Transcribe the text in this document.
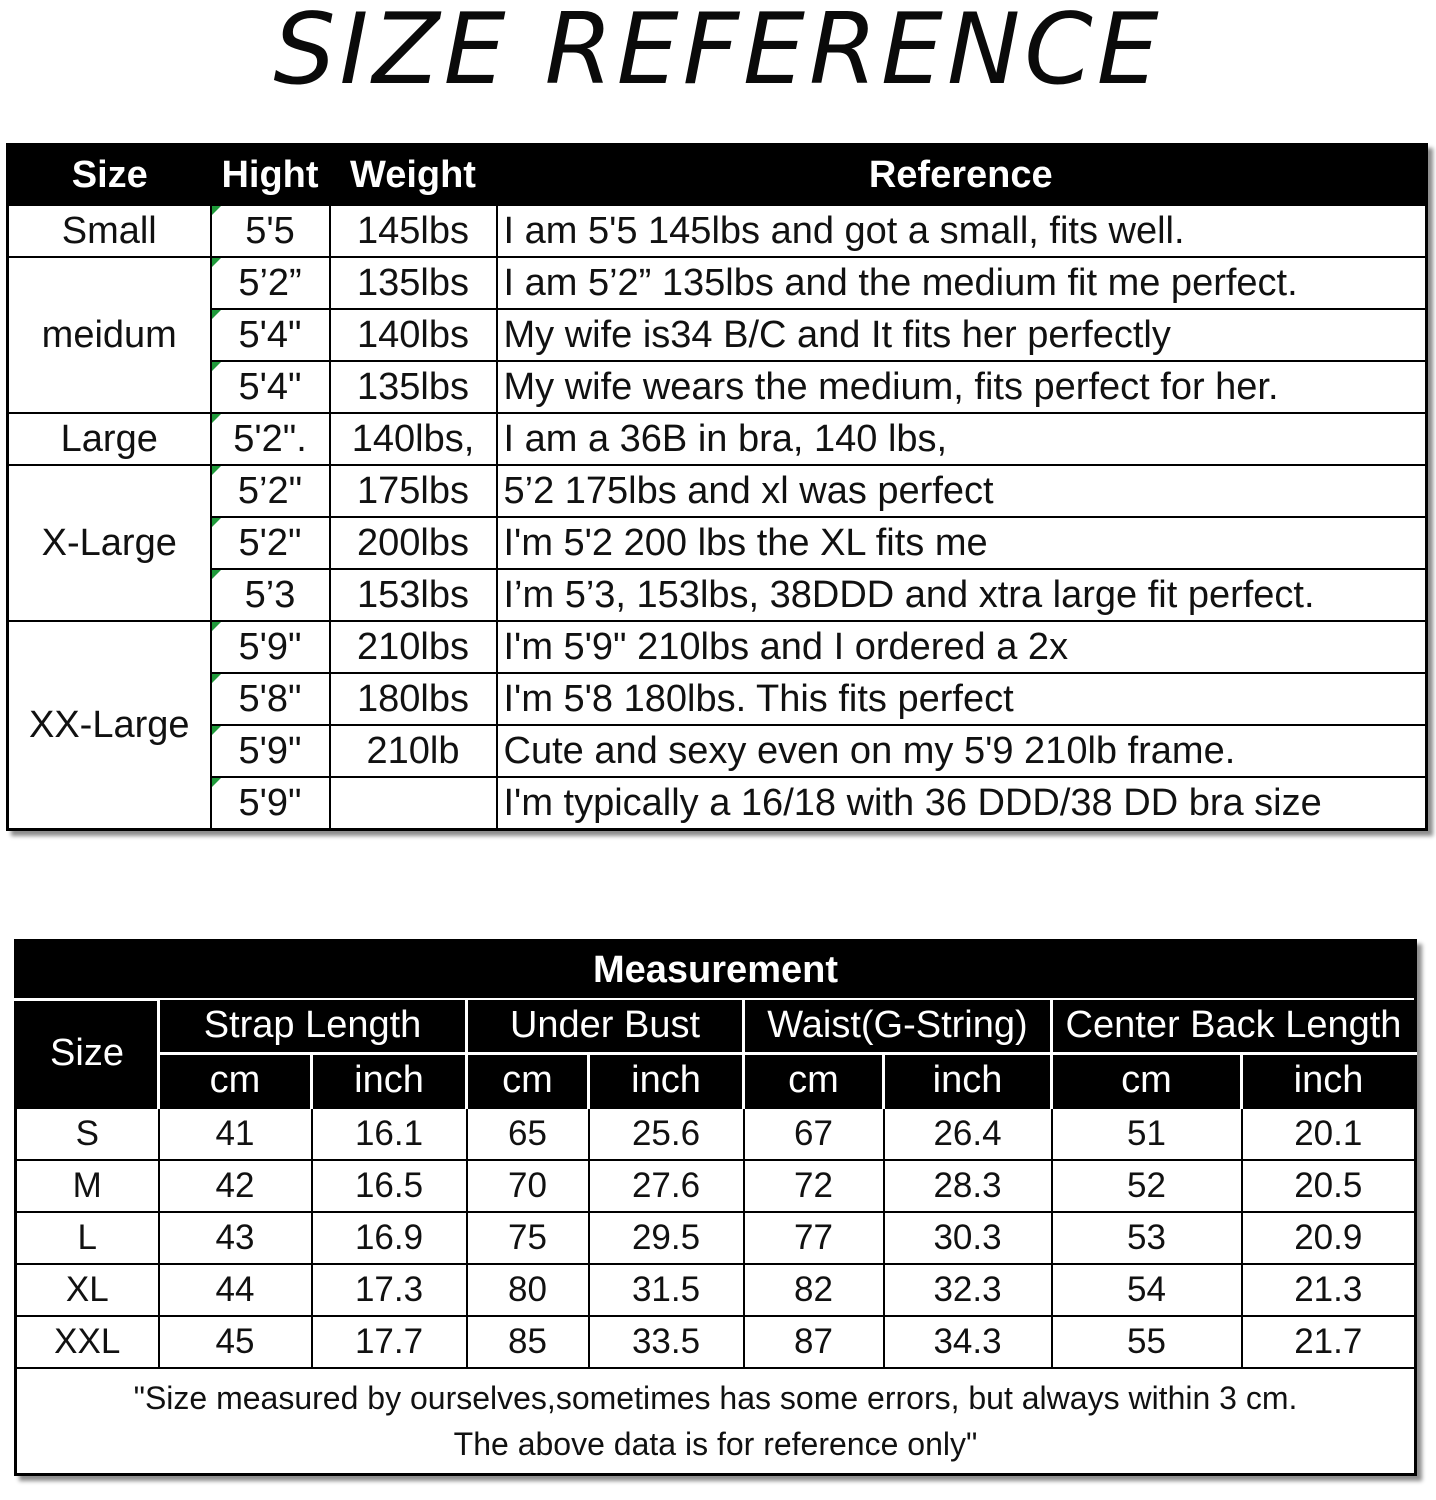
SIZE REFERENCE
Size	Hight	Weight	Reference
Small	5'5	145lbs	I am 5'5 145lbs and got a small, fits well.
meidum	5’2”	135lbs	I am 5’2” 135lbs and the medium fit me perfect.
	5'4"	140lbs	My wife is34 B/C and It fits her perfectly
	5'4"	135lbs	My wife wears the medium, fits perfect for her.
Large	5'2".	140lbs,	I am a 36B in bra, 140 lbs,
X-Large	5’2"	175lbs	5’2 175lbs and xl was perfect
	5'2"	200lbs	I'm 5'2 200 lbs the XL fits me
	5’3	153lbs	I’m 5’3, 153lbs, 38DDD and xtra large fit perfect.
XX-Large	5'9"	210lbs	I'm 5'9" 210lbs and I ordered a 2x
	5'8"	180lbs	I'm 5'8 180lbs. This fits perfect
	5'9"	210lb	Cute and sexy even on my 5'9 210lb frame.
	5'9"		I'm typically a 16/18 with 36 DDD/38 DD bra size
Measurement								
Size	Strap Length		Under Bust		Waist(G-String)		Center Back Length	
	cm	inch	cm	inch	cm	inch	cm	inch
S	41	16.1	65	25.6	67	26.4	51	20.1
M	42	16.5	70	27.6	72	28.3	52	20.5
L	43	16.9	75	29.5	77	30.3	53	20.9
XL	44	17.3	80	31.5	82	32.3	54	21.3
XXL	45	17.7	85	33.5	87	34.3	55	21.7
"Size measured by ourselves,sometimes has some errors, but always within 3 cm.
The above data is for reference only"								
